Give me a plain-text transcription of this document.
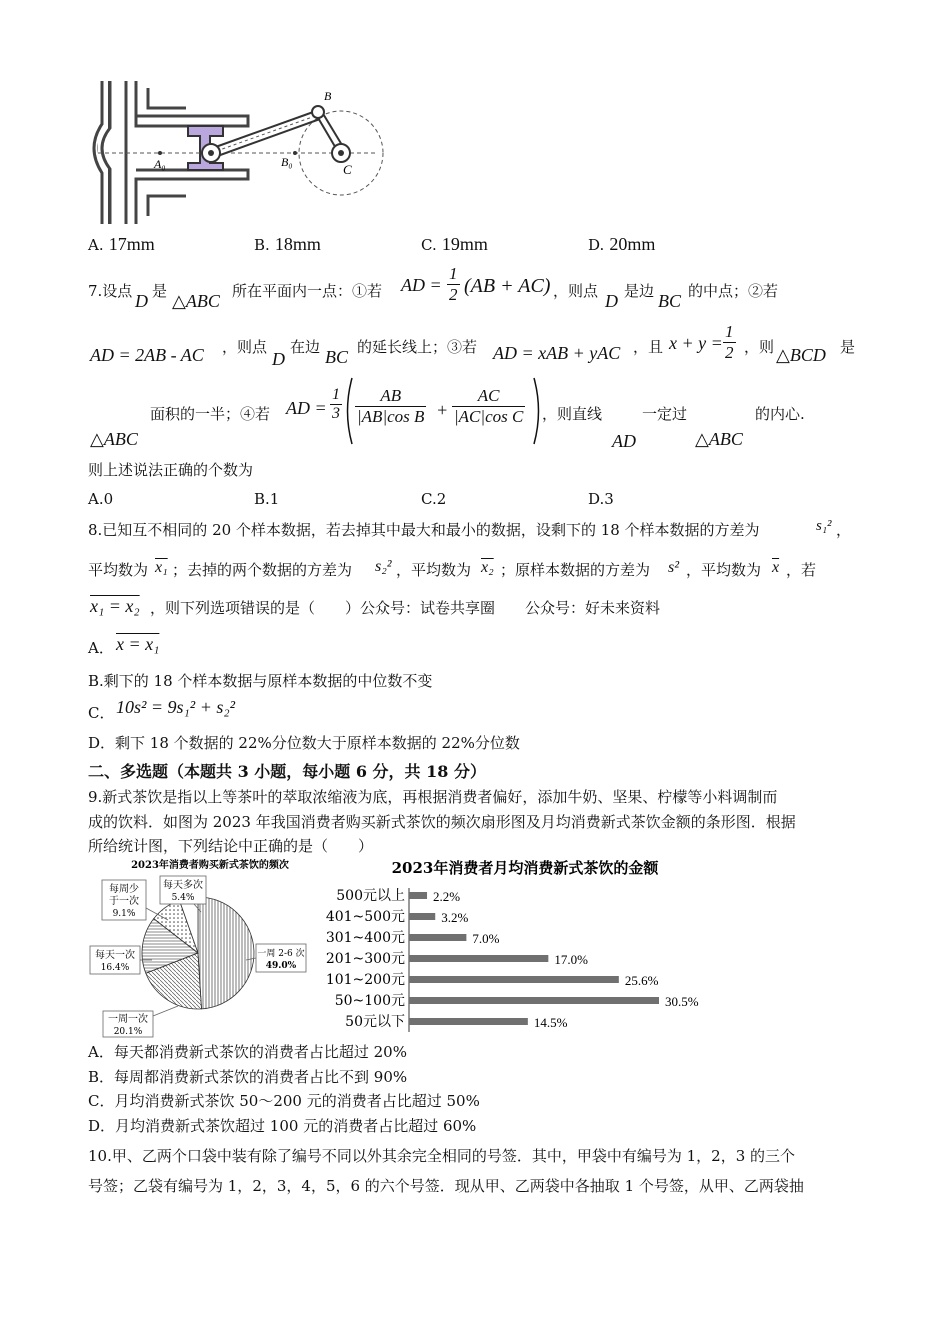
B
C
A₀	B₀
A. 17mm	B. 18mm	C. 19mm	D. 20mm
7.设点 D 是 △ABC 所在平面内一点：①若 AD = $\frac{1}{2} (AB + AC)$ ，则点 D 是边 BC 的中点；②若
AD = 2AB - AC ，则点
D
在边 BC 的延长线上；③若 AD = xAB + yAC ，且 $x + y = \frac{1}{2}$ ，则 △BCD 是
面积的一半；④若 AD = $\frac{1}{3} \frac{AB}{\text{|AB|cos B}} + \frac{AC}{\text{|AC|cos C}}$ ，则直线	一定过	的内心.
△ABC	AD	△ABC
则上述说法正确的个数为
A.0	B.1	C.2	D.3
8.已知互不相同的 20 个样本数据，若去掉其中最大和最小的数据，设剩下的 18 个样本数据的方差为	s₁² ，
平均数为 x₁ ；去掉的两个数据的方差为 s₂² ，平均数为 x₂ ；原样本数据的方差为 s² ，平均数为 $\overline{x}$ ，若
x₁ = x₂ ，则下列选项错误的是（　　）公众号：试卷共享圈　　公众号：好未来资料
A． x = x₁
B.剩下的 18 个样本数据与原样本数据的中位数不变
C． 10s² = 9s₁² + s₂²
D．剩下 18 个数据的 22%分位数大于原样本数据的 22%分位数
二、多选题（本题共 3 小题，每小题 6 分，共 18 分）
9.新式茶饮是指以上等茶叶的萃取浓缩液为底，再根据消费者偏好，添加牛奶、坚果、柠檬等小料调制而
成的饮料．如图为 2023 年我国消费者购买新式茶饮的频次扇形图及月均消费新式茶饮金额的条形图．根据
所给统计图，下列结论中正确的是（　　）
2023年消费者购买新式茶饮的频次
一周 2-6 次
49.0%
一周一次
20.1%
每天一次
16.4%
每周少
于一次
9.1%
每天多次
5.4%
2023年消费者月均消费新式茶饮的金额
500元以上 2.2%
401~500元	3.2%
301~400元	7.0%
201~300元	17.0%
101~200元	25.6%
50~100元	30.5%
50元以下	14.5%
A．每天都消费新式茶饮的消费者占比超过 20%
B．每周都消费新式茶饮的消费者占比不到 90%
C．月均消费新式茶饮 50～200 元的消费者占比超过 50%
D．月均消费新式茶饮超过 100 元的消费者占比超过 60%
10.甲、乙两个口袋中装有除了编号不同以外其余完全相同的号签．其中，甲袋中有编号为 1，2，3 的三个
号签；乙袋有编号为 1，2，3，4，5，6 的六个号签．现从甲、乙两袋中各抽取 1 个号签，从甲、乙两袋抽
